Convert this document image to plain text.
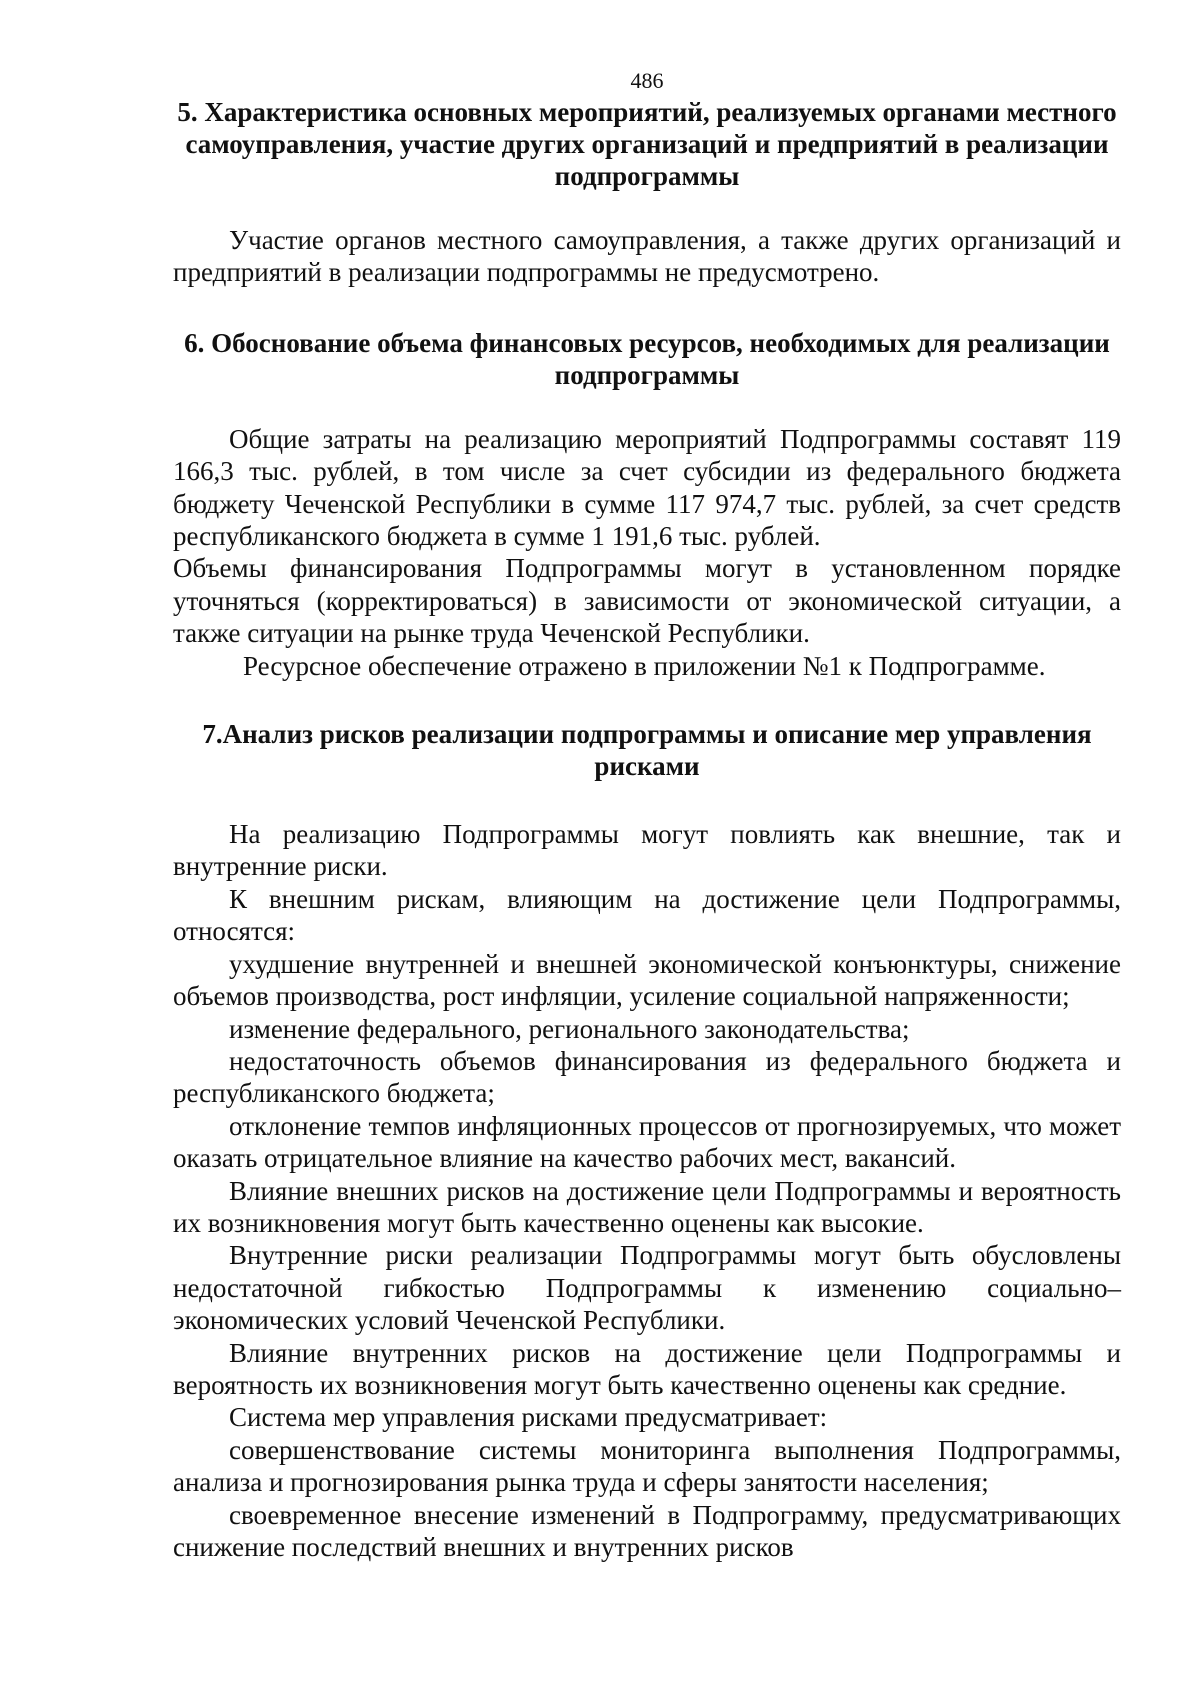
486
5. Характеристика основных мероприятий, реализуемых органами местного самоуправления, участие других организаций и предприятий в реализации подпрограммы

Участие органов местного самоуправления, а также других организаций и предприятий в реализации подпрограммы не предусмотрено.

6. Обоснование объема финансовых ресурсов, необходимых для реализации подпрограммы

Общие затраты на реализацию мероприятий Подпрограммы составят 119 166,3 тыс. рублей, в том числе за счет субсидии из федерального бюджета бюджету Чеченской Республики в сумме 117 974,7 тыс. рублей, за счет средств республиканского бюджета в сумме 1 191,6 тыс. рублей.

Объемы финансирования Подпрограммы могут в установленном порядке уточняться (корректироваться) в зависимости от экономической ситуации, а также ситуации на рынке труда Чеченской Республики.

Ресурсное обеспечение отражено в приложении №1 к Подпрограмме.

7.Анализ рисков реализации подпрограммы и описание мер управления рисками

На реализацию Подпрограммы могут повлиять как внешние, так и внутренние риски.

К внешним рискам, влияющим на достижение цели Подпрограммы, относятся:

ухудшение внутренней и внешней экономической конъюнктуры, снижение объемов производства, рост инфляции, усиление социальной напряженности;

изменение федерального, регионального законодательства;

недостаточность объемов финансирования из федерального бюджета и республиканского бюджета;

отклонение темпов инфляционных процессов от прогнозируемых, что может оказать отрицательное влияние на качество рабочих мест, вакансий.

Влияние внешних рисков на достижение цели Подпрограммы и вероятность их возникновения могут быть качественно оценены как высокие.

Внутренние риски реализации Подпрограммы могут быть обусловлены недостаточной гибкостью Подпрограммы к изменению социально–экономических условий Чеченской Республики.

Влияние внутренних рисков на достижение цели Подпрограммы и вероятность их возникновения могут быть качественно оценены как средние.

Система мер управления рисками предусматривает:

совершенствование системы мониторинга выполнения Подпрограммы, анализа и прогнозирования рынка труда и сферы занятости населения;

своевременное внесение изменений в Подпрограмму, предусматривающих снижение последствий внешних и внутренних рисков
